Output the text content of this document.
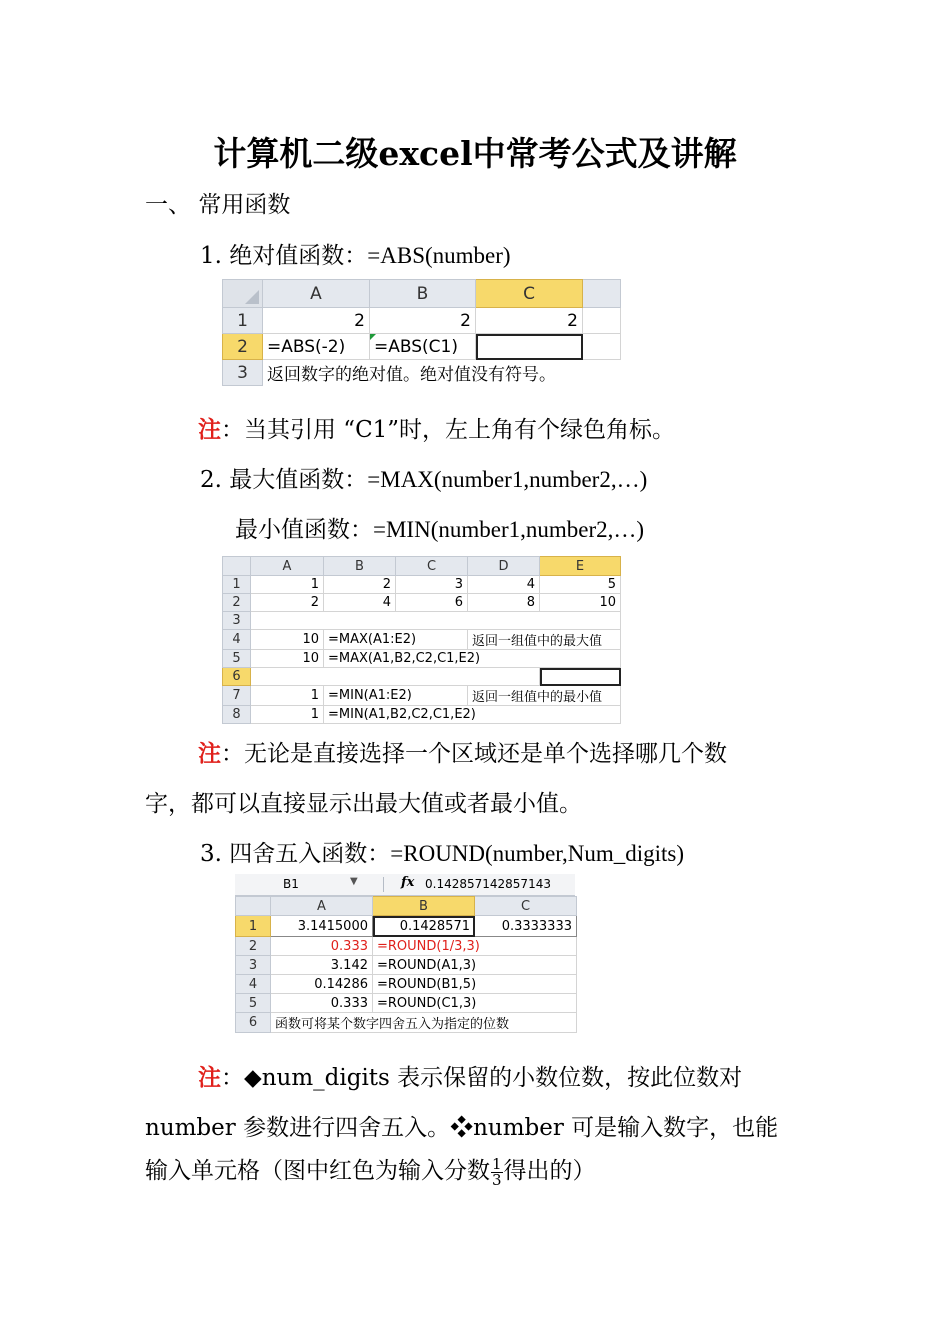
计算机二级excel中常考公式及讲解
一、 常用函数
1. 绝对值函数：=ABS(number)
	A	B	C	
1	2	2	2	
2	=ABS(-2)	=ABS(C1)		
3	返回数字的绝对值。绝对值没有符号。			
注：当其引用 “C1”时，左上角有个绿色角标。
2. 最大值函数：=MAX(number1,number2,…)
最小值函数：=MIN(number1,number2,…)
	A	B	C	D	E
1	1	2	3	4	5
2	2	4	6	8	10
3					
4	10	=MAX(A1:E2)		返回一组值中的最大值	
5	10	=MAX(A1,B2,C2,C1,E2)			
6					
7	1	=MIN(A1:E2)		返回一组值中的最小值	
8	1	=MIN(A1,B2,C2,C1,E2)			
注：无论是直接选择一个区域还是单个选择哪几个数
字，都可以直接显示出最大值或者最小值。
3. 四舍五入函数：=ROUND(number,Num_digits)
B1	▼	fx 0.142857142857143
	A	B	C
1	3.1415000	0.1428571	0.3333333
2	0.333	=ROUND(1/3,3)	
3	3.142	=ROUND(A1,3)	
4	0.14286	=ROUND(B1,5)	
5	0.333	=ROUND(C1,3)	
6	函数可将某个数字四舍五入为指定的位数		
注：◆num_digits 表示保留的小数位数，按此位数对
number 参数进行四舍五入。❖number 可是输入数字，也能
输入单元格（图中红色为输入分数 $\frac{1}{3}$ 得出的）
